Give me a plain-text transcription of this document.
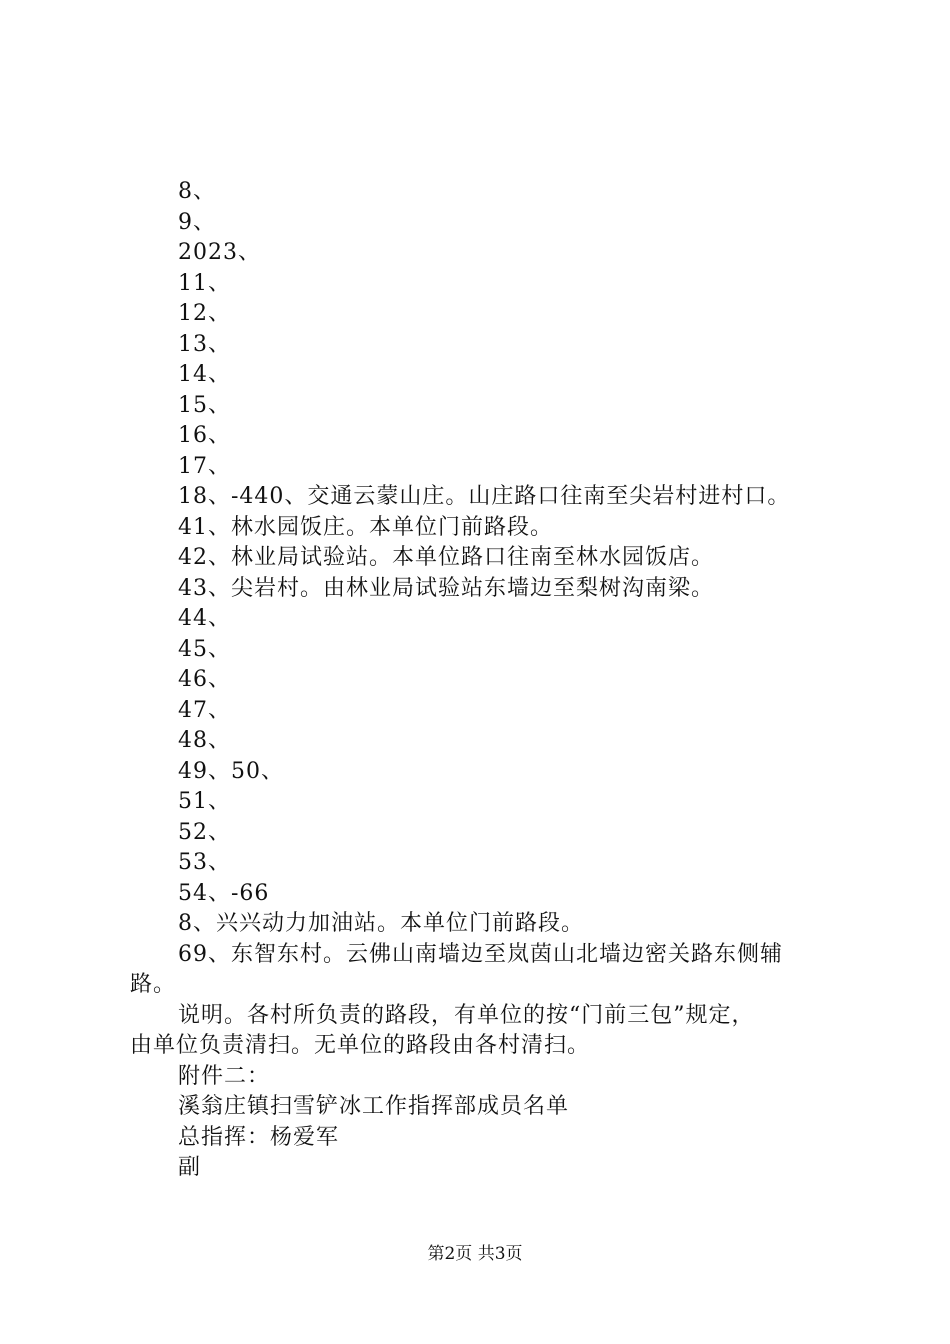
8、
9、
2023、
11、
12、
13、
14、
15、
16、
17、
18、-440、交通云蒙山庄。山庄路口往南至尖岩村进村口。
41、林水园饭庄。本单位门前路段。
42、林业局试验站。本单位路口往南至林水园饭店。
43、尖岩村。由林业局试验站东墙边至梨树沟南梁。
44、
45、
46、
47、
48、
49、50、
51、
52、
53、
54、-66
8、兴兴动力加油站。本单位门前路段。
69、东智东村。云佛山南墙边至岚茵山北墙边密关路东侧辅
路。
说明。各村所负责的路段，有单位的按“门前三包”规定，
由单位负责清扫。无单位的路段由各村清扫。
附件二：
溪翁庄镇扫雪铲冰工作指挥部成员名单
总指挥：杨爱军
副
第2页 共3页
